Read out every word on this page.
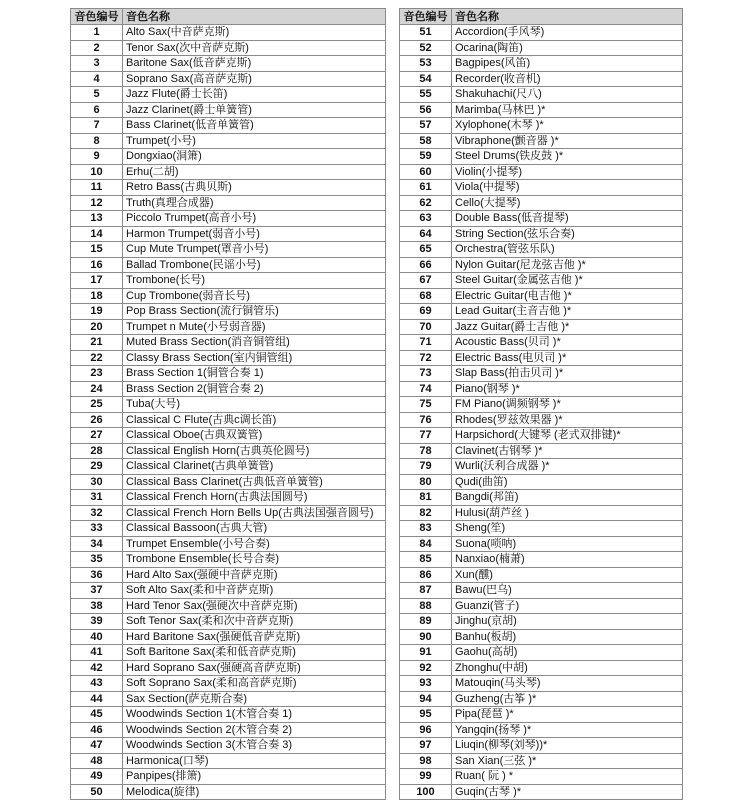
音色编号	音色名称
1	Alto Sax(中音萨克斯)
2	Tenor Sax(次中音萨克斯)
3	Baritone Sax(低音萨克斯)
4	Soprano Sax(高音萨克斯)
5	Jazz Flute(爵士长笛)
6	Jazz Clarinet(爵士单簧管)
7	Bass Clarinet(低音单簧管)
8	Trumpet(小号)
9	Dongxiao(洞箫)
10	Erhu(二胡)
11	Retro Bass(古典贝斯)
12	Truth(真理合成器)
13	Piccolo Trumpet(高音小号)
14	Harmon Trumpet(弱音小号)
15	Cup Mute Trumpet(罩音小号)
16	Ballad Trombone(民谣小号)
17	Trombone(长号)
18	Cup Trombone(弱音长号)
19	Pop Brass Section(流行铜管乐)
20	Trumpet n Mute(小号弱音器)
21	Muted Brass Section(消音铜管组)
22	Classy Brass Section(室内铜管组)
23	Brass Section 1(铜管合奏 1)
24	Brass Section 2(铜管合奏 2)
25	Tuba(大号)
26	Classical C Flute(古典c调长笛)
27	Classical Oboe(古典双簧管)
28	Classical English Horn(古典英伦圆号)
29	Classical Clarinet(古典单簧管)
30	Classical Bass Clarinet(古典低音单簧管)
31	Classical French Horn(古典法国圆号)
32	Classical French Horn Bells Up(古典法国强音圆号)
33	Classical Bassoon(古典大管)
34	Trumpet Ensemble(小号合奏)
35	Trombone Ensemble(长号合奏)
36	Hard Alto Sax(强硬中音萨克斯)
37	Soft Alto Sax(柔和中音萨克斯)
38	Hard Tenor Sax(强硬次中音萨克斯)
39	Soft Tenor Sax(柔和次中音萨克斯)
40	Hard Baritone Sax(强硬低音萨克斯)
41	Soft Baritone Sax(柔和低音萨克斯)
42	Hard Soprano Sax(强硬高音萨克斯)
43	Soft Soprano Sax(柔和高音萨克斯)
44	Sax Section(萨克斯合奏)
45	Woodwinds Section 1(木管合奏 1)
46	Woodwinds Section 2(木管合奏 2)
47	Woodwinds Section 3(木管合奏 3)
48	Harmonica(口琴)
49	Panpipes(排箫)
50	Melodica(旋律)
音色编号	音色名称
51	Accordion(手风琴)
52	Ocarina(陶笛)
53	Bagpipes(风笛)
54	Recorder(收音机)
55	Shakuhachi(尺八)
56	Marimba(马林巴 )*
57	Xylophone(木琴 )*
58	Vibraphone(颤音器 )*
59	Steel Drums(铁皮鼓 )*
60	Violin(小提琴)
61	Viola(中提琴)
62	Cello(大提琴)
63	Double Bass(低音提琴)
64	String Section(弦乐合奏)
65	Orchestra(管弦乐队)
66	Nylon Guitar(尼龙弦吉他 )*
67	Steel Guitar(金属弦吉他 )*
68	Electric Guitar(电吉他 )*
69	Lead Guitar(主音吉他 )*
70	Jazz Guitar(爵士吉他 )*
71	Acoustic Bass(贝司 )*
72	Electric Bass(电贝司 )*
73	Slap Bass(拍击贝司 )*
74	Piano(钢琴 )*
75	FM Piano(调频钢琴 )*
76	Rhodes(罗兹效果器 )*
77	Harpsichord(大键琴 (老式双排键)*
78	Clavinet(古钢琴 )*
79	Wurli(沃利合成器 )*
80	Qudi(曲笛)
81	Bangdi(邦笛)
82	Hulusi(葫芦丝 )
83	Sheng(笙)
84	Suona(唢呐)
85	Nanxiao(楠萧)
86	Xun(醺)
87	Bawu(巴乌)
88	Guanzi(管子)
89	Jinghu(京胡)
90	Banhu(板胡)
91	Gaohu(高胡)
92	Zhonghu(中胡)
93	Matouqin(马头琴)
94	Guzheng(古筝 )*
95	Pipa(琵琶 )*
96	Yangqin(扬琴 )*
97	Liuqin(柳琴(刘琴))*
98	San Xian(三弦 )*
99	Ruan( 阮 ) *
100	Guqin(古琴 )*
